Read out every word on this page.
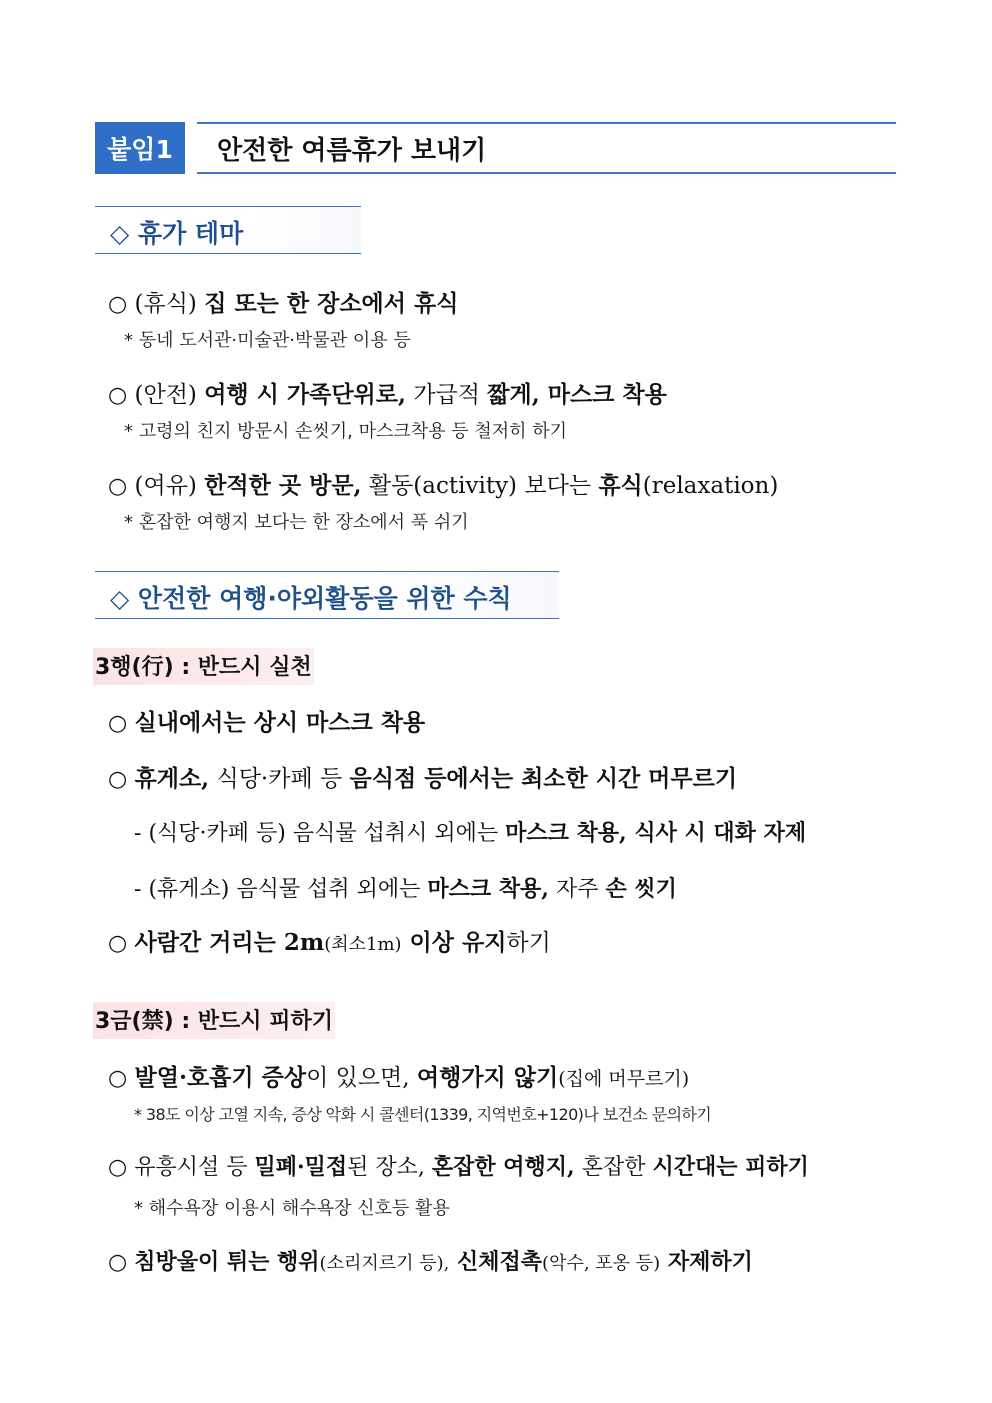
붙임1	안전한 여름휴가 보내기
◇ 휴가 테마
○ (휴식) 집 또는 한 장소에서 휴식
* 동네 도서관·미술관·박물관 이용 등
○ (안전) 여행 시 가족단위로, 가급적 짧게, 마스크 착용
* 고령의 친지 방문시 손씻기, 마스크착용 등 철저히 하기
○ (여유) 한적한 곳 방문, 활동(activity) 보다는 휴식(relaxation)
* 혼잡한 여행지 보다는 한 장소에서 푹 쉬기
◇ 안전한 여행·야외활동을 위한 수칙
3행(行) : 반드시 실천
○ 실내에서는 상시 마스크 착용
○ 휴게소, 식당·카페 등 음식점 등에서는 최소한 시간 머무르기
- (식당·카페 등) 음식물 섭취시 외에는 마스크 착용, 식사 시 대화 자제
- (휴게소) 음식물 섭취 외에는 마스크 착용, 자주 손 씻기
○ 사람간 거리는 2m(최소1m) 이상 유지하기
3금(禁) : 반드시 피하기
○ 발열·호흡기 증상이 있으면, 여행가지 않기(집에 머무르기)
* 38도 이상 고열 지속, 증상 악화 시 콜센터(1339, 지역번호+120)나 보건소 문의하기
○ 유흥시설 등 밀폐·밀접된 장소, 혼잡한 여행지, 혼잡한 시간대는 피하기
* 해수욕장 이용시 해수욕장 신호등 활용
○ 침방울이 튀는 행위(소리지르기 등), 신체접촉(악수, 포옹 등) 자제하기
